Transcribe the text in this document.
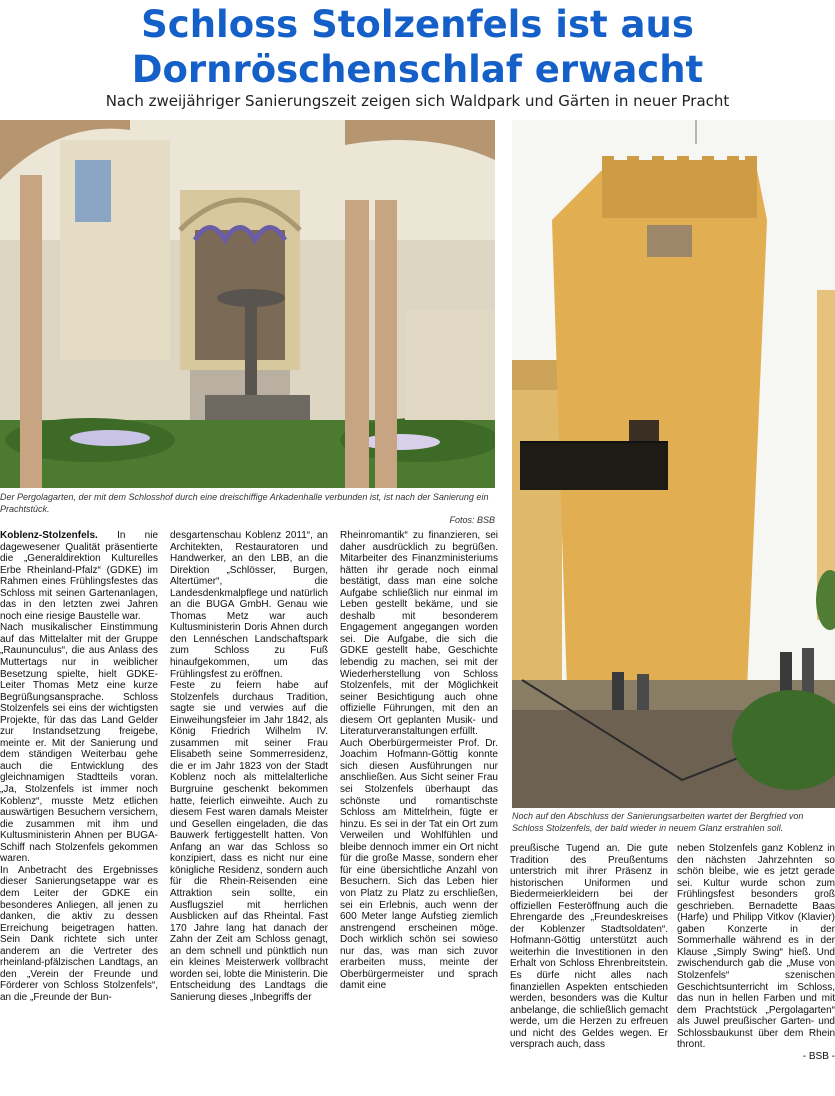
Schloss Stolzenfels ist aus
Dornröschenschlaf erwacht

Nach zweijähriger Sanierungszeit zeigen sich Waldpark und Gärten in neuer Pracht

Der Pergolagarten, der mit dem Schlosshof durch eine dreischiffige Arkadenhalle verbunden ist, ist nach der Sanierung ein Prachtstück.
Fotos: BSB
Noch auf den Abschluss der Sanierungsarbeiten wartet der Bergfried von Schloss Stolzenfels, der bald wieder in neuem Glanz erstrahlen soll.

Koblenz-Stolzenfels. In nie dagewesener Qualität präsentierte die „Generaldirektion Kulturelles Erbe Rheinland-Pfalz“ (GDKE) im Rahmen eines Frühlingsfestes das Schloss mit seinen Gartenanlagen, das in den letzten zwei Jahren noch eine riesige Baustelle war.

Nach musikalischer Einstimmung auf das Mittelalter mit der Gruppe „Raununculus“, die aus Anlass des Muttertags nur in weiblicher Besetzung spielte, hielt GDKE-Leiter Thomas Metz eine kurze Begrüßungsansprache. Schloss Stolzenfels sei eins der wichtigsten Projekte, für das das Land Gelder zur Instandsetzung freigebe, meinte er. Mit der Sanierung und dem ständigen Weiterbau gehe auch die Entwicklung des gleichnamigen Stadtteils voran. „Ja, Stolzenfels ist immer noch Koblenz“, musste Metz etlichen auswärtigen Besuchern versichern, die zusammen mit ihm und Kultusministerin Ahnen per BUGA-Schiff nach Stolzenfels gekommen waren.

In Anbetracht des Ergebnisses dieser Sanierungsetappe war es dem Leiter der GDKE ein besonderes Anliegen, all jenen zu danken, die aktiv zu dessen Erreichung beigetragen hatten. Sein Dank richtete sich unter anderem an die Vertreter des rheinland-pfälzischen Landtags, an den „Verein der Freunde und Förderer von Schloss Stolzenfels“, an die „Freunde der Bun-

desgartenschau Koblenz 2011“, an Architekten, Restauratoren und Handwerker, an den LBB, an die Direktion „Schlösser, Burgen, Altertümer“, die Landesdenkmalpflege und natürlich an die BUGA GmbH. Genau wie Thomas Metz war auch Kultusministerin Doris Ahnen durch den Lennéschen Landschaftspark zum Schloss zu Fuß hinaufgekommen, um das Frühlingsfest zu eröffnen.

Feste zu feiern habe auf Stolzenfels durchaus Tradition, sagte sie und verwies auf die Einweihungsfeier im Jahr 1842, als König Friedrich Wilhelm IV. zusammen mit seiner Frau Elisabeth seine Sommerresidenz, die er im Jahr 1823 von der Stadt Koblenz noch als mittelalterliche Burgruine geschenkt bekommen hatte, feierlich einweihte. Auch zu diesem Fest waren damals Meister und Gesellen eingeladen, die das Bauwerk fertiggestellt hatten. Von Anfang an war das Schloss so konzipiert, dass es nicht nur eine königliche Residenz, sondern auch für die Rhein-Reisenden eine Attraktion sein sollte, ein Ausflugsziel mit herrlichen Ausblicken auf das Rheintal. Fast 170 Jahre lang hat danach der Zahn der Zeit am Schloss genagt, an dem schnell und pünktlich nun ein kleines Meisterwerk vollbracht worden sei, lobte die Ministerin. Die Entscheidung des Landtags die Sanierung dieses „Inbegriffs der

Rheinromantik“ zu finanzieren, sei daher ausdrücklich zu begrüßen. Mitarbeiter des Finanzministeriums hätten ihr gerade noch einmal bestätigt, dass man eine solche Aufgabe schließlich nur einmal im Leben gestellt bekäme, und sie deshalb mit besonderem Engagement angegangen worden sei. Die Aufgabe, die sich die GDKE gestellt habe, Geschichte lebendig zu machen, sei mit der Wiederherstellung von Schloss Stolzenfels, mit der Möglichkeit seiner Besichtigung auch ohne offizielle Führungen, mit den an diesem Ort geplanten Musik- und Literaturveranstaltungen erfüllt.

Auch Oberbürgermeister Prof. Dr. Joachim Hofmann-Göttig konnte sich diesen Ausführungen nur anschließen. Aus Sicht seiner Frau sei Stolzenfels überhaupt das schönste und romantischste Schloss am Mittelrhein, fügte er hinzu. Es sei in der Tat ein Ort zum Verweilen und Wohlfühlen und bleibe dennoch immer ein Ort nicht für die große Masse, sondern eher für eine übersichtliche Anzahl von Besuchern. Sich das Leben hier von Platz zu Platz zu erschließen, sei ein Erlebnis, auch wenn der 600 Meter lange Aufstieg ziemlich anstrengend erscheinen möge. Doch wirklich schön sei sowieso nur das, was man sich zuvor erarbeiten muss, meinte der Oberbürgermeister und sprach damit eine

preußische Tugend an. Die gute Tradition des Preußentums unterstrich mit ihrer Präsenz in historischen Uniformen und Biedermeierkleidern bei der offiziellen Festeröffnung auch die Ehrengarde des „Freundeskreises der Koblenzer Stadtsoldaten“. Hofmann-Göttig unterstützt auch weiterhin die Investitionen in den Erhalt von Schloss Ehrenbreitstein. Es dürfe nicht alles nach finanziellen Aspekten entschieden werden, besonders was die Kultur anbelange, die schließlich gemacht werde, um die Herzen zu erfreuen und nicht des Geldes wegen. Er versprach auch, dass

neben Stolzenfels ganz Koblenz in den nächsten Jahrzehnten so schön bleibe, wie es jetzt gerade sei. Kultur wurde schon zum Frühlingsfest besonders groß geschrieben. Bernadette Baas (Harfe) und Philipp Vitkov (Klavier) gaben Konzerte in der Sommerhalle während es in der Klause „Simply Swing“ hieß. Und zwischendurch gab die „Muse von Stolzenfels“ szenischen Geschichtsunterricht im Schloss, das nun in hellen Farben und mit dem Prachtstück „Pergolagarten“ als Juwel preußischer Garten- und Schlossbaukunst über dem Rhein thront.

- BSB -
